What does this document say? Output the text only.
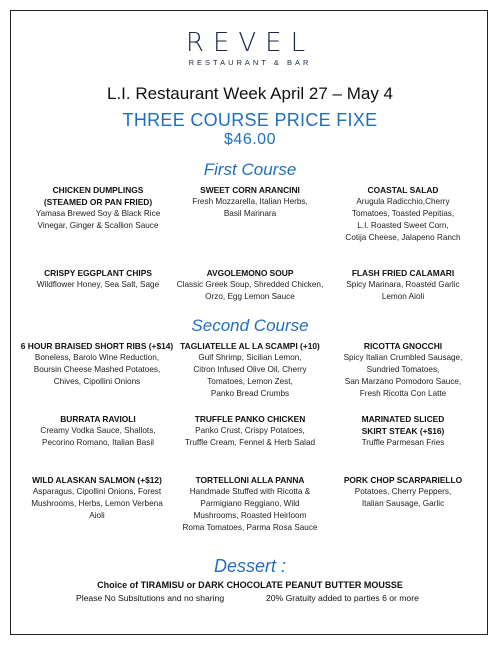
REVEL
RESTAURANT & BAR
L.I. Restaurant Week April 27 – May 4
THREE COURSE PRICE FIXE
$46.00
First Course
CHICKEN DUMPLINGS
(STEAMED OR PAN FRIED)
Yamasa Brewed Soy & Black Rice
Vinegar, Ginger & Scallion Sauce
SWEET CORN ARANCINI
Fresh Mozzarella, Italian Herbs,
Basil Marinara
COASTAL SALAD
Arugula Radicchio,Cherry
Tomatoes, Toasted Pepitias,
L.I. Roasted Sweet Corn,
Cotija Cheese, Jalapeno Ranch
CRISPY EGGPLANT CHIPS
Wildflower Honey, Sea Salt, Sage
AVGOLEMONO SOUP
Classic Greek Soup, Shredded Chicken,
Orzo, Egg Lemon Sauce
FLASH FRIED CALAMARI
Spicy Marinara, Roasted Garlic
Lemon Aioli
Second Course
6 HOUR BRAISED SHORT RIBS (+$14)
Boneless, Barolo Wine Reduction,
Boursin Cheese Mashed Potatoes,
Chives, Cipollini Onions
TAGLIATELLE AL LA SCAMPI (+10)
Gulf Shrimp, Sicilian Lemon,
Citron Infused Olive Oil, Cherry
Tomatoes, Lemon Zest,
Panko Bread Crumbs
RICOTTA GNOCCHI
Spicy Italian Crumbled Sausage,
Sundried Tomatoes,
San Marzano Pomodoro Sauce,
Fresh Ricotta Con Latte
BURRATA RAVIOLI
Creamy Vodka Sauce, Shallots,
Pecorino Romano, Italian Basil
TRUFFLE PANKO CHICKEN
Panko Crust, Crispy Potatoes,
Truffle Cream, Fennel & Herb Salad
MARINATED SLICED
SKIRT STEAK (+$16)
Truffle Parmesan Fries
WILD ALASKAN SALMON (+$12)
Asparagus, Cipollini Onions, Forest
Mushrooms, Herbs, Lemon Verbena
Aioli
TORTELLONI ALLA PANNA
Handmade Stuffed with Ricotta &
Parmigiano Reggiano, Wild
Mushrooms, Roasted Heirloom
Roma Tomatoes, Parma Rosa Sauce
PORK CHOP SCARPARIELLO
Potatoes, Cherry Peppers,
Italian Sausage, Garlic
Dessert :
Choice of TIRAMISU or DARK CHOCOLATE PEANUT BUTTER MOUSSE
Please No Subsitutions and no sharing	20% Gratuity added to parties 6 or more
